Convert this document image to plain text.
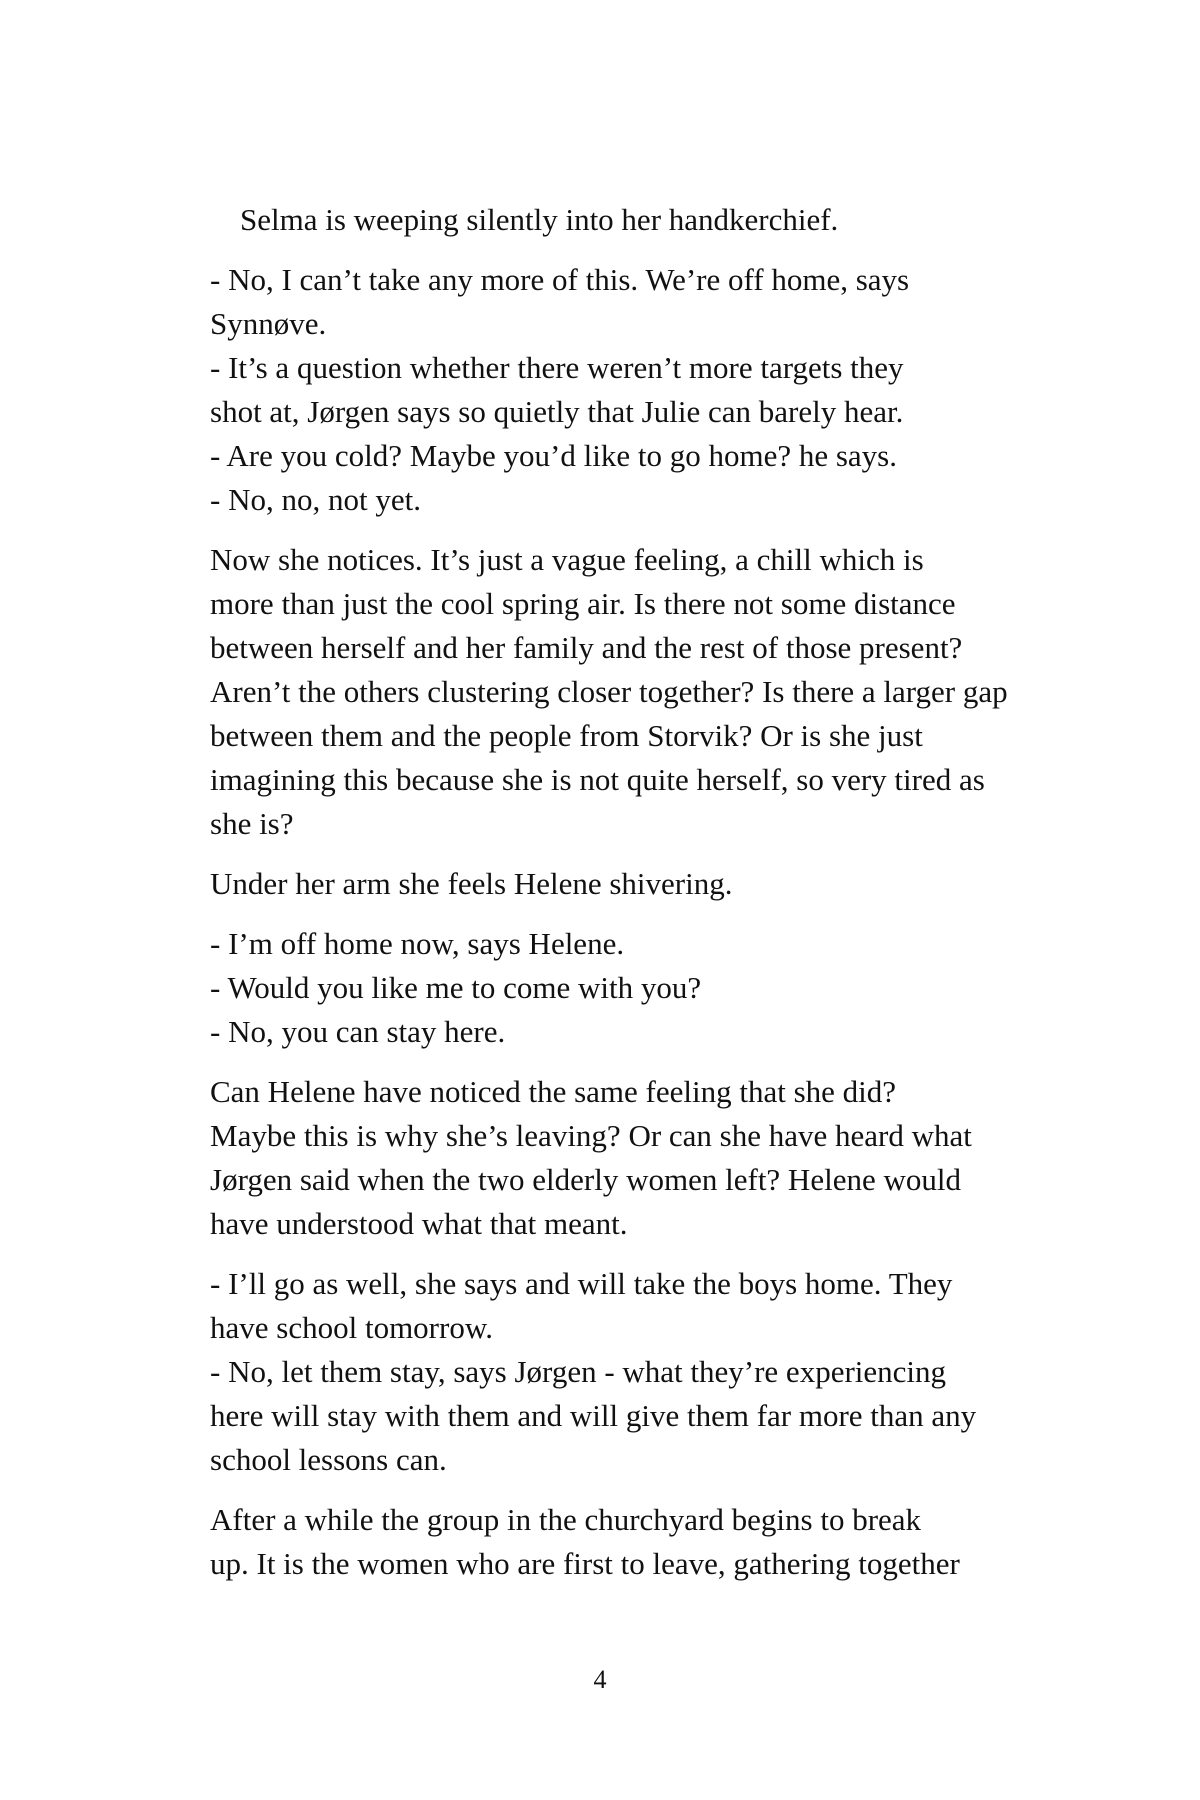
Selma is weeping silently into her handkerchief.

- No, I can’t take any more of this. We’re off home, says
Synnøve.

- It’s a question whether there weren’t more targets they
shot at, Jørgen says so quietly that Julie can barely hear.

- Are you cold? Maybe you’d like to go home? he says.

- No, no, not yet.

Now she notices. It’s just a vague feeling, a chill which is
more than just the cool spring air. Is there not some distance
between herself and her family and the rest of those present?
Aren’t the others clustering closer together? Is there a larger gap
between them and the people from Storvik? Or is she just
imagining this because she is not quite herself, so very tired as
she is?

Under her arm she feels Helene shivering.

- I’m off home now, says Helene.

- Would you like me to come with you?

- No, you can stay here.

Can Helene have noticed the same feeling that she did?
Maybe this is why she’s leaving? Or can she have heard what
Jørgen said when the two elderly women left? Helene would
have understood what that meant.

- I’ll go as well, she says and will take the boys home. They
have school tomorrow.

- No, let them stay, says Jørgen - what they’re experiencing
here will stay with them and will give them far more than any
school lessons can.

After a while the group in the churchyard begins to break
up. It is the women who are first to leave, gathering together

4
